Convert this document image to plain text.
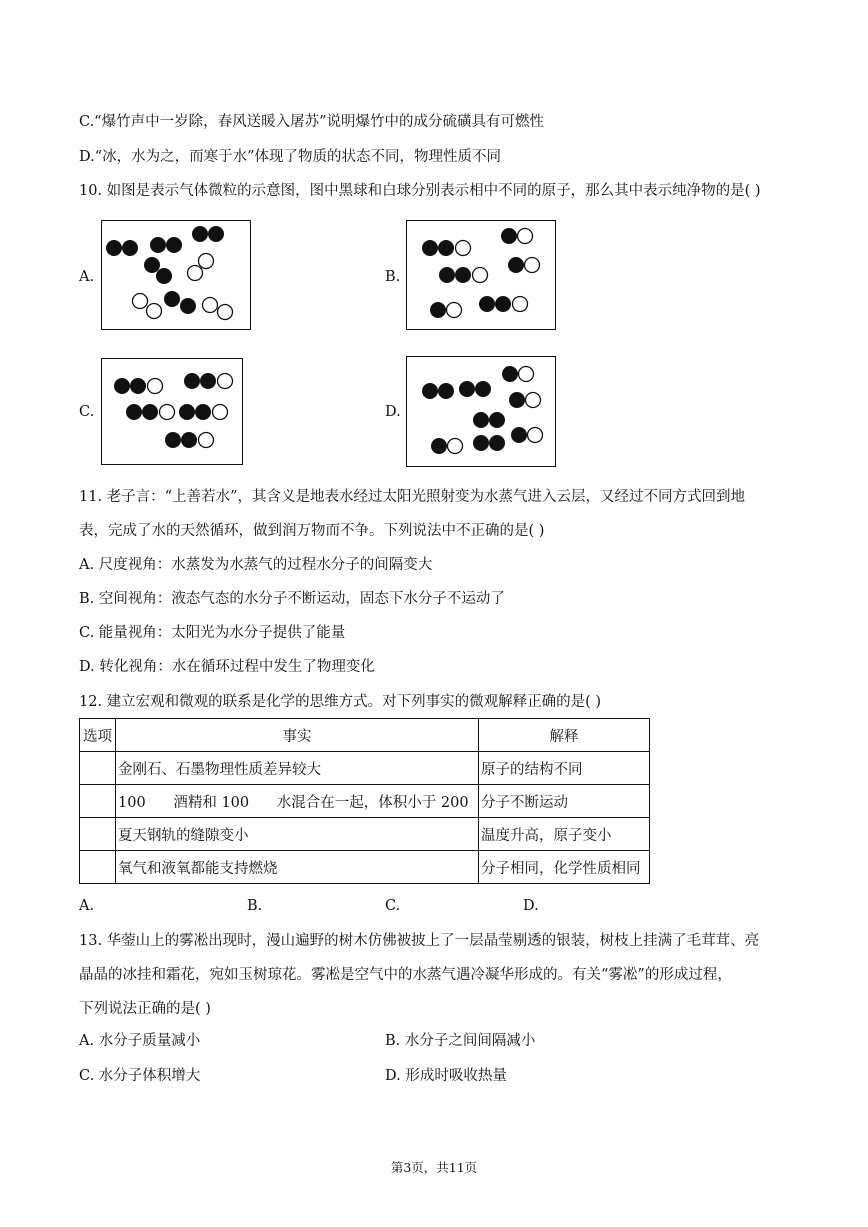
C.“爆竹声中一岁除，春风送暖入屠苏”说明爆竹中的成分硫磺具有可燃性
D.“冰，水为之，而寒于水”体现了物质的状态不同，物理性质不同
10. 如图是表示气体微粒的示意图，图中黑球和白球分别表示相中不同的原子，那么其中表示纯净物的是( )
A.	B.
C.	D.
11. 老子言：“上善若水”，其含义是地表水经过太阳光照射变为水蒸气进入云层，又经过不同方式回到地
表，完成了水的天然循环，做到润万物而不争。下列说法中不正确的是( )
A. 尺度视角：水蒸发为水蒸气的过程水分子的间隔变大
B. 空间视角：液态气态的水分子不断运动，固态下水分子不运动了
C. 能量视角：太阳光为水分子提供了能量
D. 转化视角：水在循环过程中发生了物理变化
12. 建立宏观和微观的联系是化学的思维方式。对下列事实的微观解释正确的是( )
选项	事实	解释
	金刚石、石墨物理性质差异较大	原子的结构不同
	100      酒精和 100      水混合在一起，体积小于 200	分子不断运动
	夏天钢轨的缝隙变小	温度升高，原子变小
	氧气和液氧都能支持燃烧	分子相同，化学性质相同
A.	B.	C.	D.
13. 华蓥山上的雾凇出现时，漫山遍野的树木仿佛被披上了一层晶莹剔透的银装，树枝上挂满了毛茸茸、亮
晶晶的冰挂和霜花，宛如玉树琼花。雾凇是空气中的水蒸气遇冷凝华形成的。有关“雾凇”的形成过程，
下列说法正确的是( )
A. 水分子质量减小	B. 水分子之间间隔减小
C. 水分子体积增大	D. 形成时吸收热量
第3页，共11页
